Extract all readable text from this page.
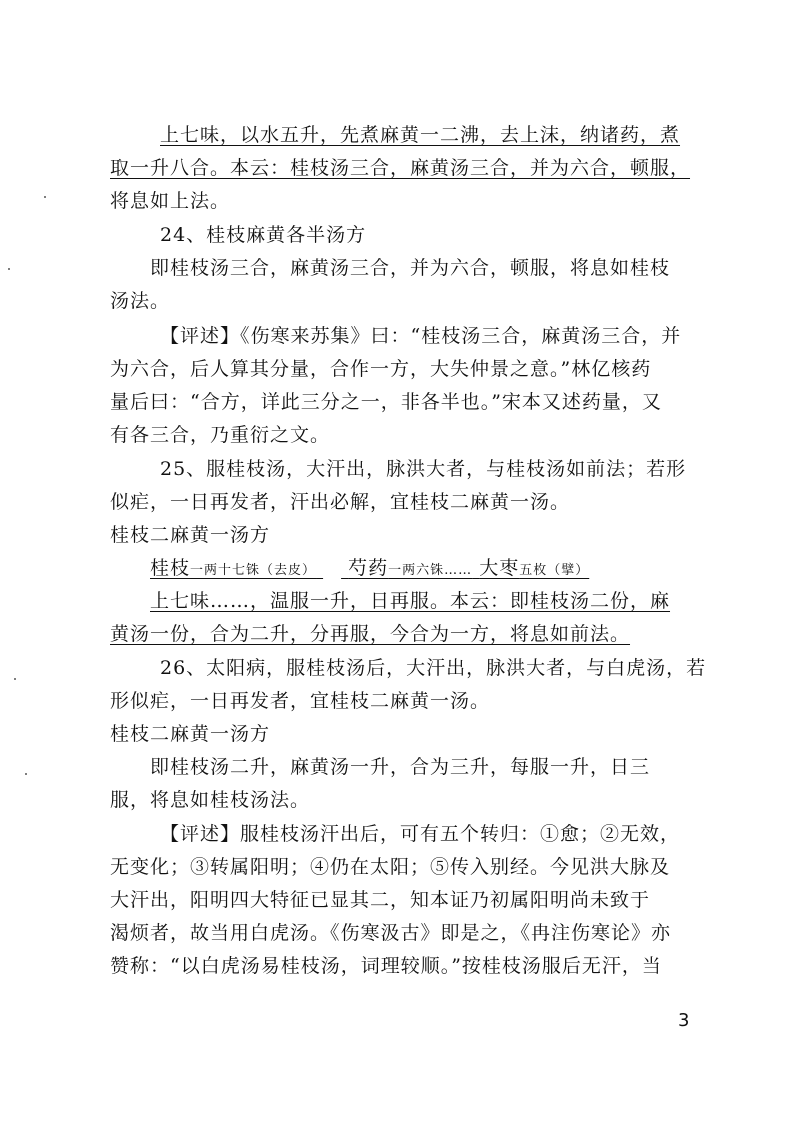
上七味，以水五升，先煮麻黄一二沸，去上沫，纳诸药，煮
取一升八合。本云：桂枝汤三合，麻黄汤三合，并为六合，顿服，
将息如上法。
24、桂枝麻黄各半汤方
即桂枝汤三合，麻黄汤三合，并为六合，顿服，将息如桂枝
汤法。
【评述】《伤寒来苏集》曰：“桂枝汤三合，麻黄汤三合，并
为六合，后人算其分量，合作一方，大失仲景之意。”林亿核药
量后曰：“合方，详此三分之一，非各半也。”宋本又述药量，又
有各三合，乃重衍之文。
25、服桂枝汤，大汗出，脉洪大者，与桂枝汤如前法；若形
似疟，一日再发者，汗出必解，宜桂枝二麻黄一汤。
桂枝二麻黄一汤方
桂枝一两十七铢（去皮） 芍药一两六铢…… 大枣五枚（擘）
上七味……，温服一升，日再服。本云：即桂枝汤二份，麻
黄汤一份，合为二升，分再服，今合为一方，将息如前法。
26、太阳病，服桂枝汤后，大汗出，脉洪大者，与白虎汤，若
形似疟，一日再发者，宜桂枝二麻黄一汤。
桂枝二麻黄一汤方
即桂枝汤二升，麻黄汤一升，合为三升，每服一升，日三
服，将息如桂枝汤法。
【评述】服桂枝汤汗出后，可有五个转归：①愈；②无效，
无变化；③转属阳明；④仍在太阳；⑤传入别经。今见洪大脉及
大汗出，阳明四大特征已显其二，知本证乃初属阳明尚未致于
渴烦者，故当用白虎汤。《伤寒汲古》即是之，《冉注伤寒论》亦
赞称：“以白虎汤易桂枝汤，词理较顺。”按桂枝汤服后无汗，当
3
